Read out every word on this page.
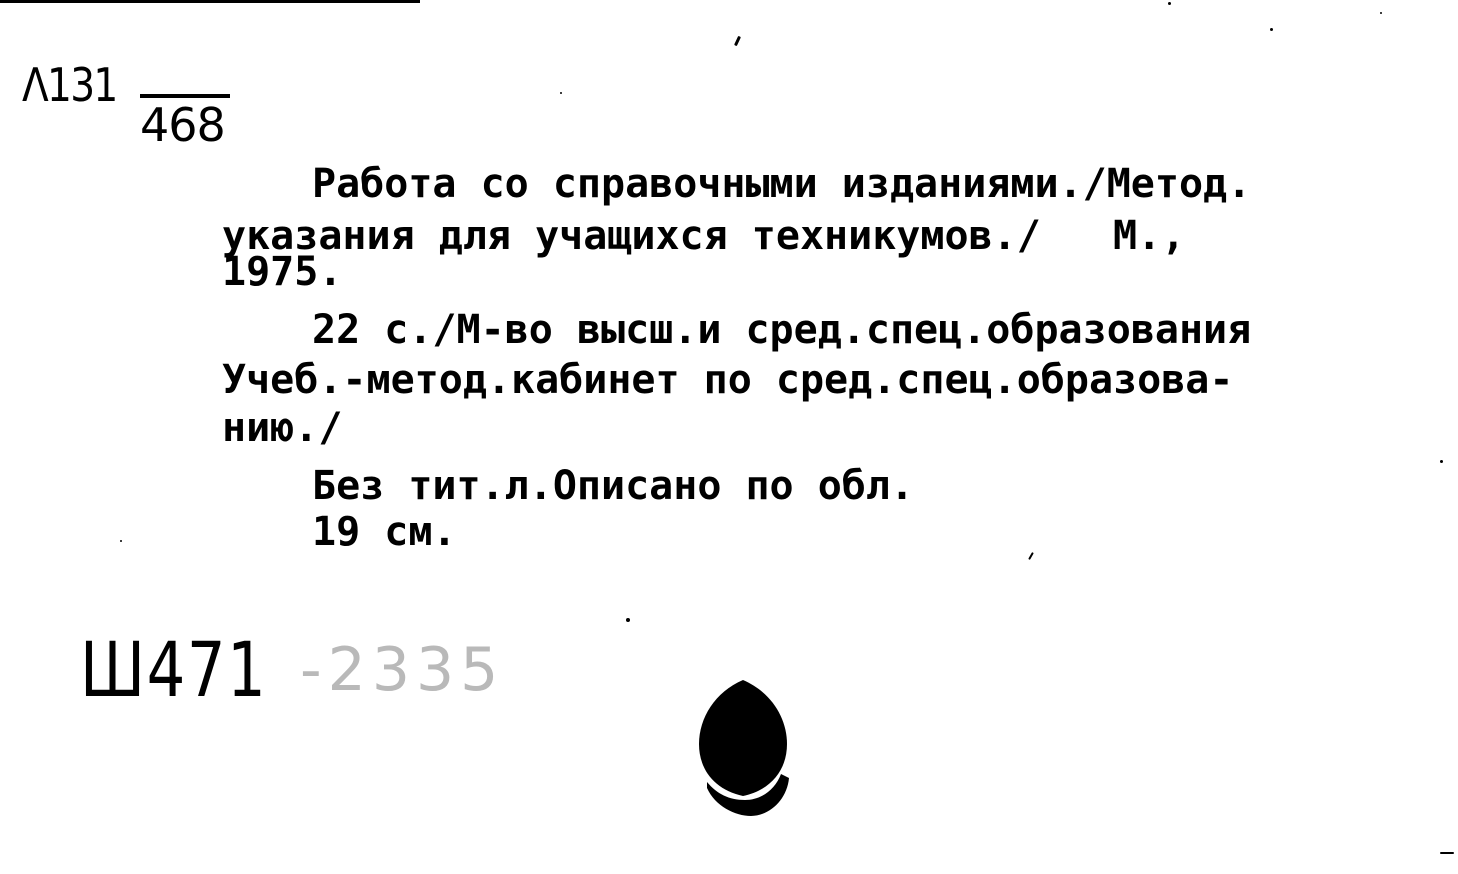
Λ131
468
Работа со справочными изданиями./Метод.
указания для учащихся техникумов./   М.,
1975.
22 с./М-во высш.и сред.спец.образования
Учеб.-метод.кабинет по сред.спец.образова-
нию./
Без тит.л.Описано по обл.
19 см.
Ш471 -2335
